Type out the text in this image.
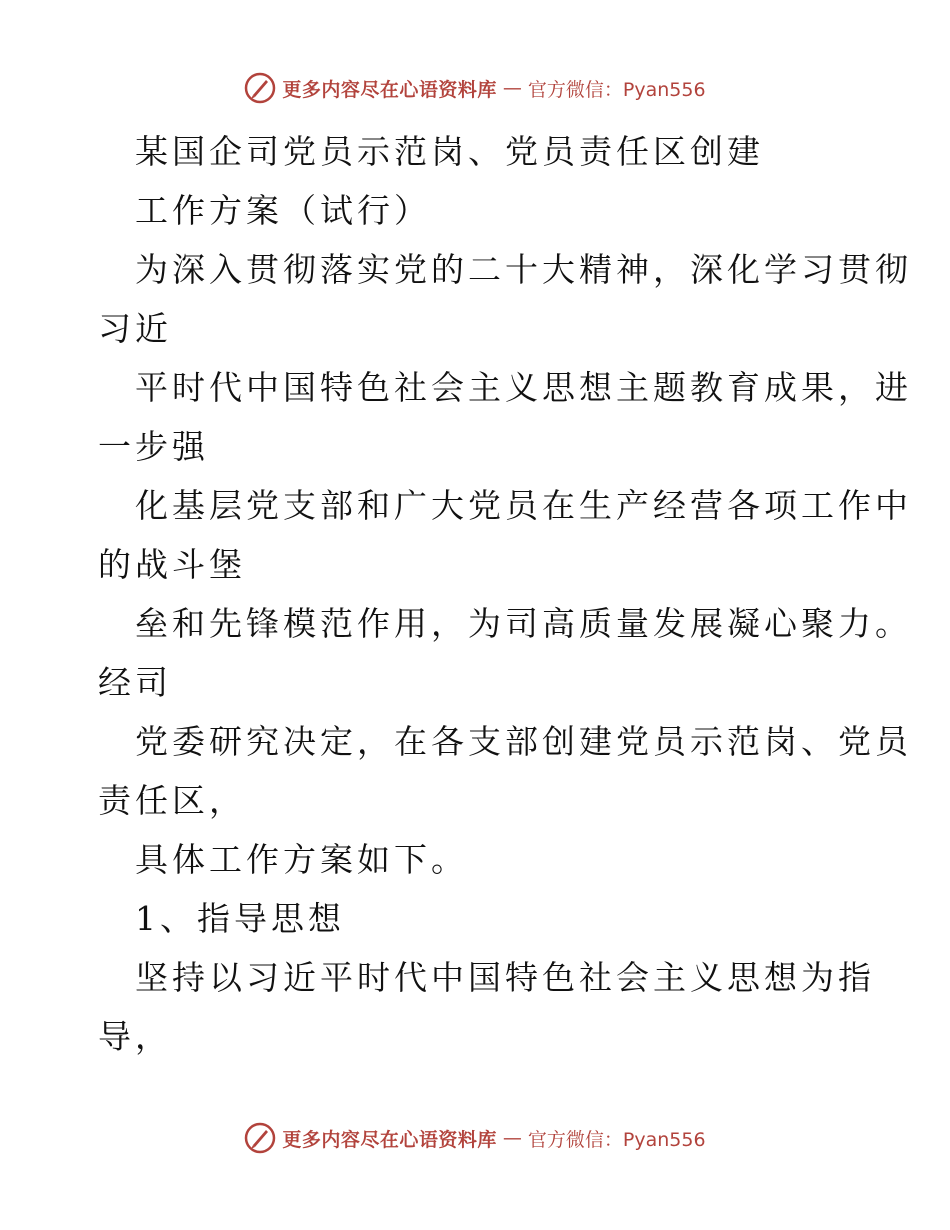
更多内容尽在心语资料库 — 官方微信：Pyan556
某国企司党员示范岗、党员责任区创建
工作方案（试行）
为深入贯彻落实党的二十大精神，深化学习贯彻
习近
平时代中国特色社会主义思想主题教育成果，进
一步强
化基层党支部和广大党员在生产经营各项工作中
的战斗堡
垒和先锋模范作用，为司高质量发展凝心聚力。
经司
党委研究决定，在各支部创建党员示范岗、党员
责任区，
具体工作方案如下。
1、指导思想
坚持以习近平时代中国特色社会主义思想为指
导，
更多内容尽在心语资料库 — 官方微信：Pyan556
